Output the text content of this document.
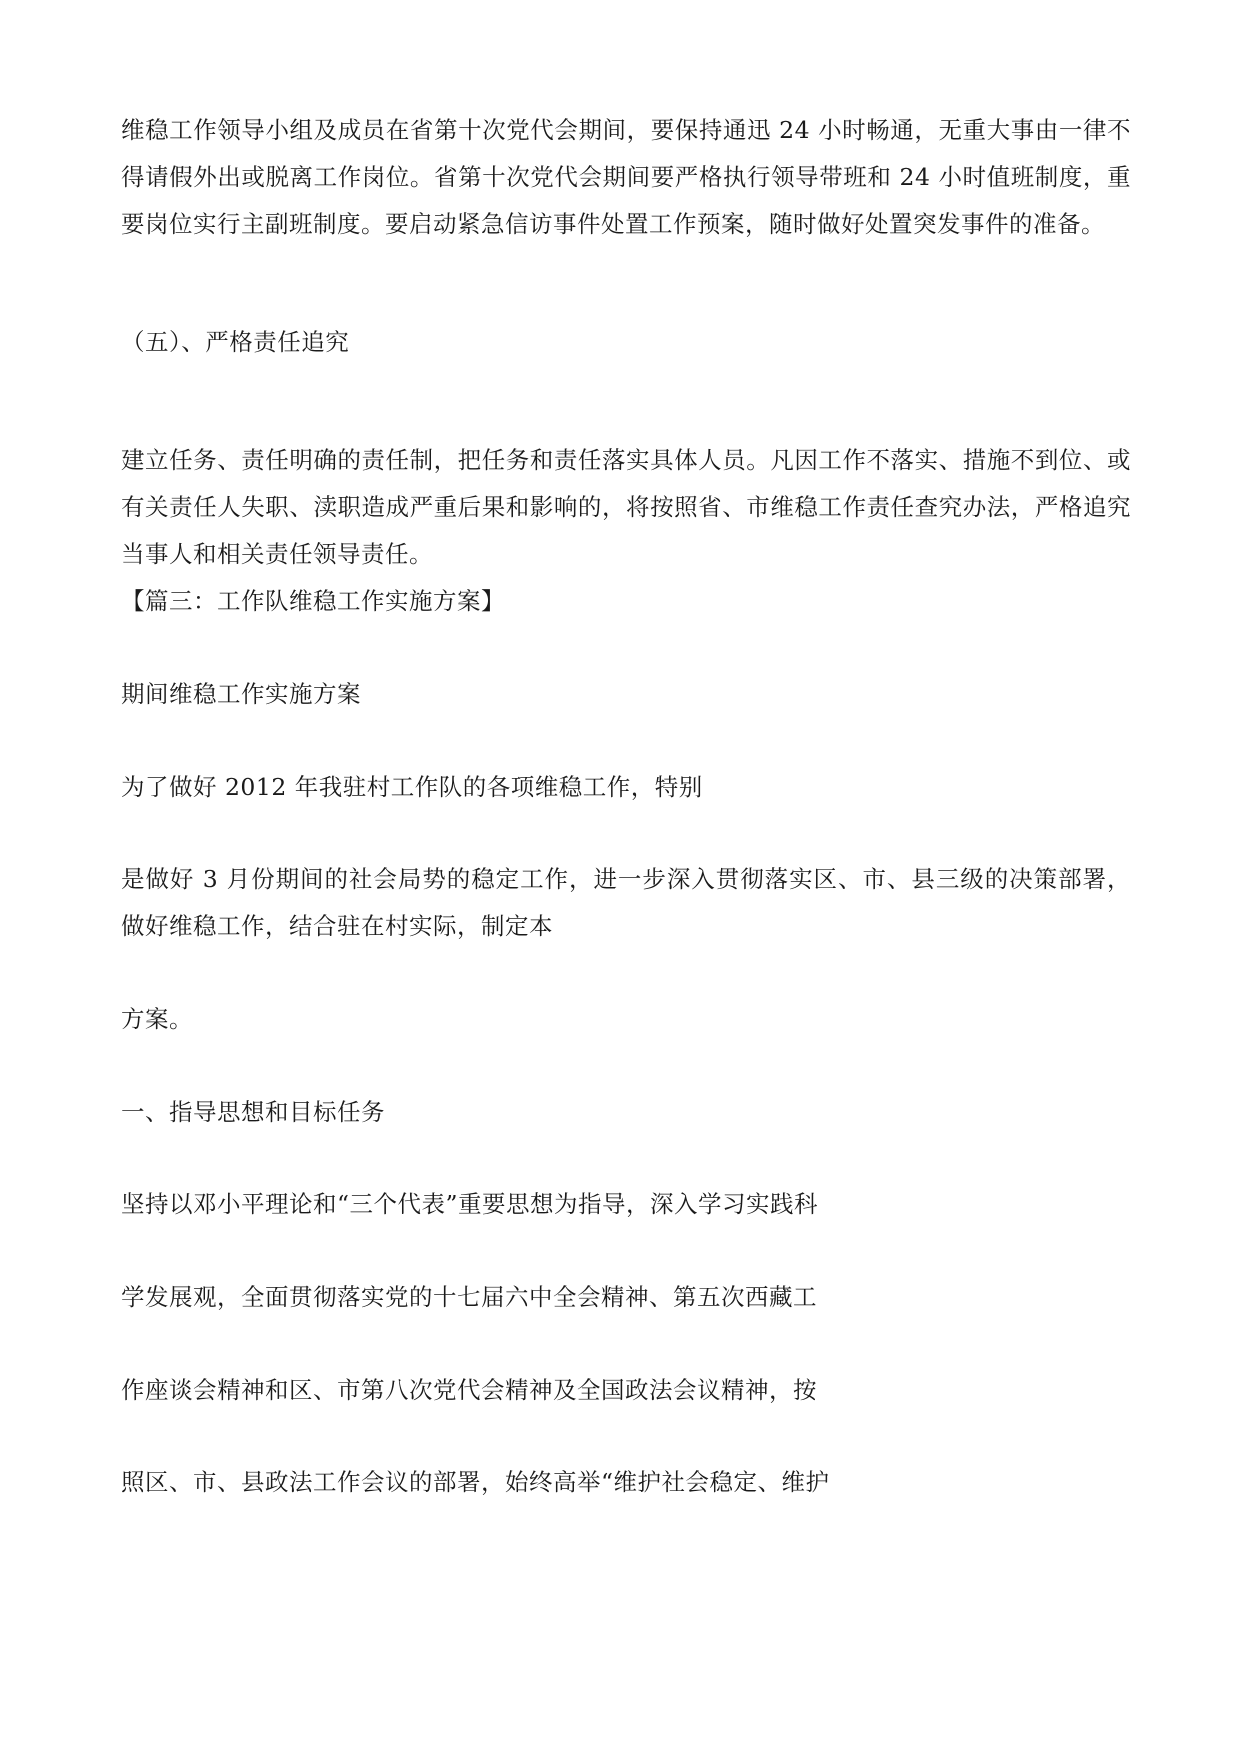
维稳工作领导小组及成员在省第十次党代会期间，要保持通迅 24 小时畅通，无重大事由一律不得请假外出或脱离工作岗位。省第十次党代会期间要严格执行领导带班和 24 小时值班制度，重要岗位实行主副班制度。要启动紧急信访事件处置工作预案，随时做好处置突发事件的准备。

（五）、严格责任追究

建立任务、责任明确的责任制，把任务和责任落实具体人员。凡因工作不落实、措施不到位、或有关责任人失职、渎职造成严重后果和影响的，将按照省、市维稳工作责任查究办法，严格追究当事人和相关责任领导责任。

【篇三：工作队维稳工作实施方案】

期间维稳工作实施方案

为了做好 2012 年我驻村工作队的各项维稳工作，特别

是做好 3 月份期间的社会局势的稳定工作，进一步深入贯彻落实区、市、县三级的决策部署，做好维稳工作，结合驻在村实际，制定本

方案。

一、指导思想和目标任务

坚持以邓小平理论和“三个代表”重要思想为指导，深入学习实践科

学发展观，全面贯彻落实党的十七届六中全会精神、第五次西藏工

作座谈会精神和区、市第八次党代会精神及全国政法会议精神，按

照区、市、县政法工作会议的部署，始终高举“维护社会稳定、维护
